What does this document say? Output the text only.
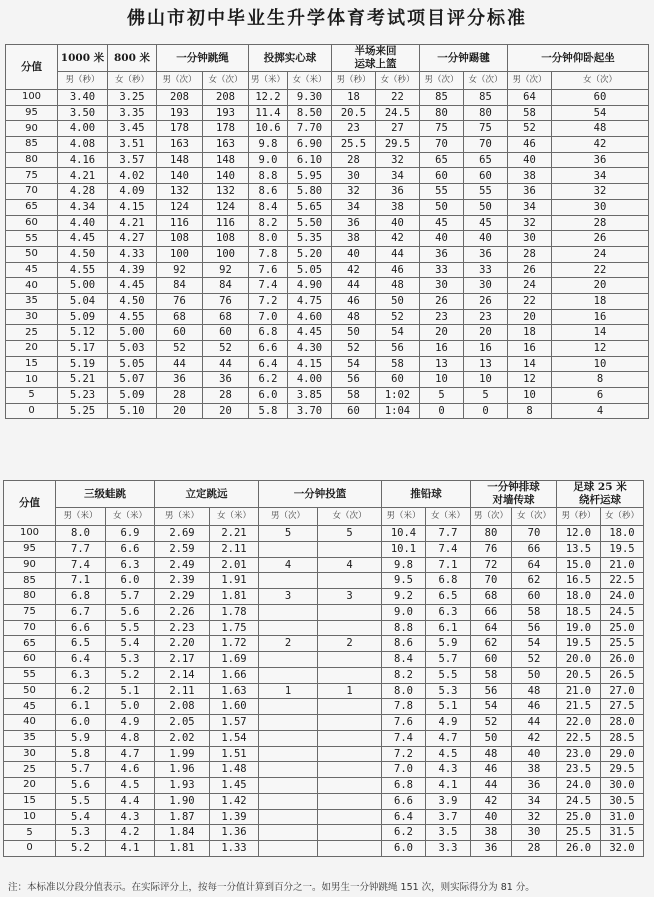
佛山市初中毕业生升学体育考试项目评分标准
分值	1000 米	800 米	一分钟跳绳		投掷实心球		半场来回
运球上篮		一分钟踢毽		一分钟仰卧起坐	
	男（秒）	女（秒）	男（次）	女（次）	男（米）	女（米）	男（秒）	女（秒）	男（次）	女（次）	男（次）	女（次）
100	3.40	3.25	208	208	12.2	9.30	18	22	85	85	64	60
95	3.50	3.35	193	193	11.4	8.50	20.5	24.5	80	80	58	54
90	4.00	3.45	178	178	10.6	7.70	23	27	75	75	52	48
85	4.08	3.51	163	163	9.8	6.90	25.5	29.5	70	70	46	42
80	4.16	3.57	148	148	9.0	6.10	28	32	65	65	40	36
75	4.21	4.02	140	140	8.8	5.95	30	34	60	60	38	34
70	4.28	4.09	132	132	8.6	5.80	32	36	55	55	36	32
65	4.34	4.15	124	124	8.4	5.65	34	38	50	50	34	30
60	4.40	4.21	116	116	8.2	5.50	36	40	45	45	32	28
55	4.45	4.27	108	108	8.0	5.35	38	42	40	40	30	26
50	4.50	4.33	100	100	7.8	5.20	40	44	36	36	28	24
45	4.55	4.39	92	92	7.6	5.05	42	46	33	33	26	22
40	5.00	4.45	84	84	7.4	4.90	44	48	30	30	24	20
35	5.04	4.50	76	76	7.2	4.75	46	50	26	26	22	18
30	5.09	4.55	68	68	7.0	4.60	48	52	23	23	20	16
25	5.12	5.00	60	60	6.8	4.45	50	54	20	20	18	14
20	5.17	5.03	52	52	6.6	4.30	52	56	16	16	16	12
15	5.19	5.05	44	44	6.4	4.15	54	58	13	13	14	10
10	5.21	5.07	36	36	6.2	4.00	56	60	10	10	12	8
5	5.23	5.09	28	28	6.0	3.85	58	1:02	5	5	10	6
0	5.25	5.10	20	20	5.8	3.70	60	1:04	0	0	8	4
分值	三级蛙跳		立定跳远		一分钟投篮		推铅球		一分钟排球
对墙传球		足球 25 米
绕杆运球	
	男（米）	女（米）	男（米）	女（米）	男（次）	女（次）	男（米）	女（米）	男（次）	女（次）	男（秒）	女（秒）
100	8.0	6.9	2.69	2.21	5	5	10.4	7.7	80	70	12.0	18.0
95	7.7	6.6	2.59	2.11			10.1	7.4	76	66	13.5	19.5
90	7.4	6.3	2.49	2.01	4	4	9.8	7.1	72	64	15.0	21.0
85	7.1	6.0	2.39	1.91			9.5	6.8	70	62	16.5	22.5
80	6.8	5.7	2.29	1.81	3	3	9.2	6.5	68	60	18.0	24.0
75	6.7	5.6	2.26	1.78			9.0	6.3	66	58	18.5	24.5
70	6.6	5.5	2.23	1.75			8.8	6.1	64	56	19.0	25.0
65	6.5	5.4	2.20	1.72	2	2	8.6	5.9	62	54	19.5	25.5
60	6.4	5.3	2.17	1.69			8.4	5.7	60	52	20.0	26.0
55	6.3	5.2	2.14	1.66			8.2	5.5	58	50	20.5	26.5
50	6.2	5.1	2.11	1.63	1	1	8.0	5.3	56	48	21.0	27.0
45	6.1	5.0	2.08	1.60			7.8	5.1	54	46	21.5	27.5
40	6.0	4.9	2.05	1.57			7.6	4.9	52	44	22.0	28.0
35	5.9	4.8	2.02	1.54			7.4	4.7	50	42	22.5	28.5
30	5.8	4.7	1.99	1.51			7.2	4.5	48	40	23.0	29.0
25	5.7	4.6	1.96	1.48			7.0	4.3	46	38	23.5	29.5
20	5.6	4.5	1.93	1.45			6.8	4.1	44	36	24.0	30.0
15	5.5	4.4	1.90	1.42			6.6	3.9	42	34	24.5	30.5
10	5.4	4.3	1.87	1.39			6.4	3.7	40	32	25.0	31.0
5	5.3	4.2	1.84	1.36			6.2	3.5	38	30	25.5	31.5
0	5.2	4.1	1.81	1.33			6.0	3.3	36	28	26.0	32.0
注：本标准以分段分值表示。在实际评分上，按每一分值计算到百分之一。如男生一分钟跳绳 151 次，则实际得分为 81 分。
